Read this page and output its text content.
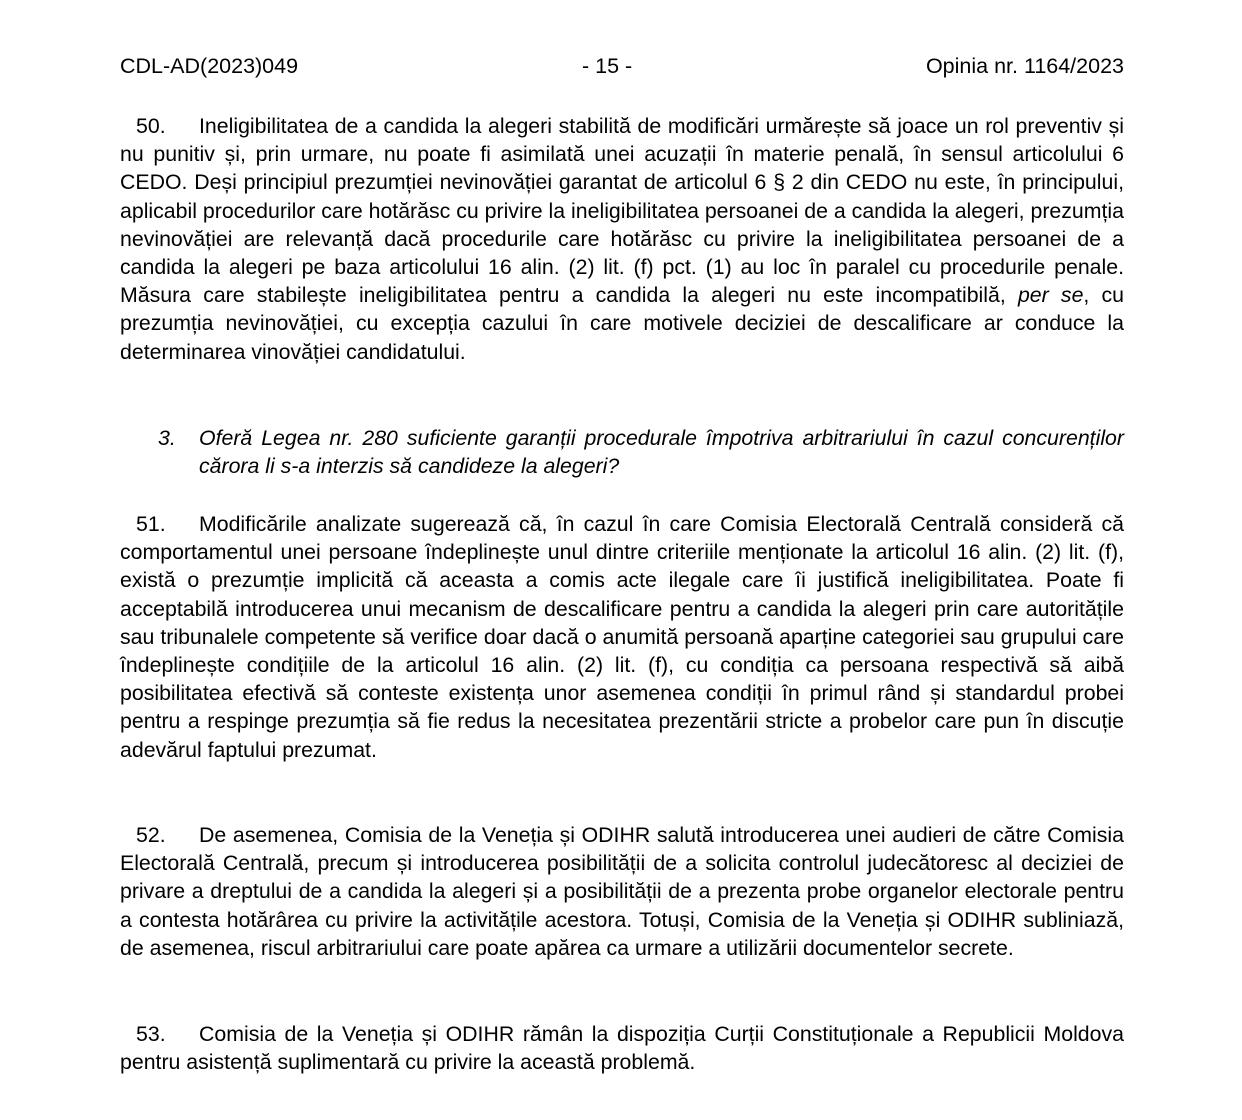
CDL-AD(2023)049	- 15 -	Opinia nr. 1164/2023

50. Ineligibilitatea de a candida la alegeri stabilită de modificări urmărește să joace un rol preventiv și nu punitiv și, prin urmare, nu poate fi asimilată unei acuzații în materie penală, în sensul articolului 6 CEDO. Deși principiul prezumției nevinovăției garantat de articolul 6 § 2 din CEDO nu este, în principului, aplicabil procedurilor care hotărăsc cu privire la ineligibilitatea persoanei de a candida la alegeri, prezumția nevinovăției are relevanță dacă procedurile care hotărăsc cu privire la ineligibilitatea persoanei de a candida la alegeri pe baza articolului 16 alin. (2) lit. (f) pct. (1) au loc în paralel cu procedurile penale. Măsura care stabilește ineligibilitatea pentru a candida la alegeri nu este incompatibilă, per se, cu prezumția nevinovăției, cu excepția cazului în care motivele deciziei de descalificare ar conduce la determinarea vinovăției candidatului.

3. Oferă Legea nr. 280 suficiente garanții procedurale împotriva arbitrariului în cazul concurenților cărora li s-a interzis să candideze la alegeri?

51. Modificările analizate sugerează că, în cazul în care Comisia Electorală Centrală consideră că comportamentul unei persoane îndeplinește unul dintre criteriile menționate la articolul 16 alin. (2) lit. (f), există o prezumție implicită că aceasta a comis acte ilegale care îi justifică ineligibilitatea. Poate fi acceptabilă introducerea unui mecanism de descalificare pentru a candida la alegeri prin care autoritățile sau tribunalele competente să verifice doar dacă o anumită persoană aparține categoriei sau grupului care îndeplinește condițiile de la articolul 16 alin. (2) lit. (f), cu condiția ca persoana respectivă să aibă posibilitatea efectivă să conteste existența unor asemenea condiții în primul rând și standardul probei pentru a respinge prezumția să fie redus la necesitatea prezentării stricte a probelor care pun în discuție adevărul faptului prezumat.

52. De asemenea, Comisia de la Veneția și ODIHR salută introducerea unei audieri de către Comisia Electorală Centrală, precum și introducerea posibilității de a solicita controlul judecătoresc al deciziei de privare a dreptului de a candida la alegeri și a posibilității de a prezenta probe organelor electorale pentru a contesta hotărârea cu privire la activitățile acestora. Totuși, Comisia de la Veneția și ODIHR subliniază, de asemenea, riscul arbitrariului care poate apărea ca urmare a utilizării documentelor secrete.

53. Comisia de la Veneția și ODIHR rămân la dispoziția Curții Constituționale a Republicii Moldova pentru asistență suplimentară cu privire la această problemă.
